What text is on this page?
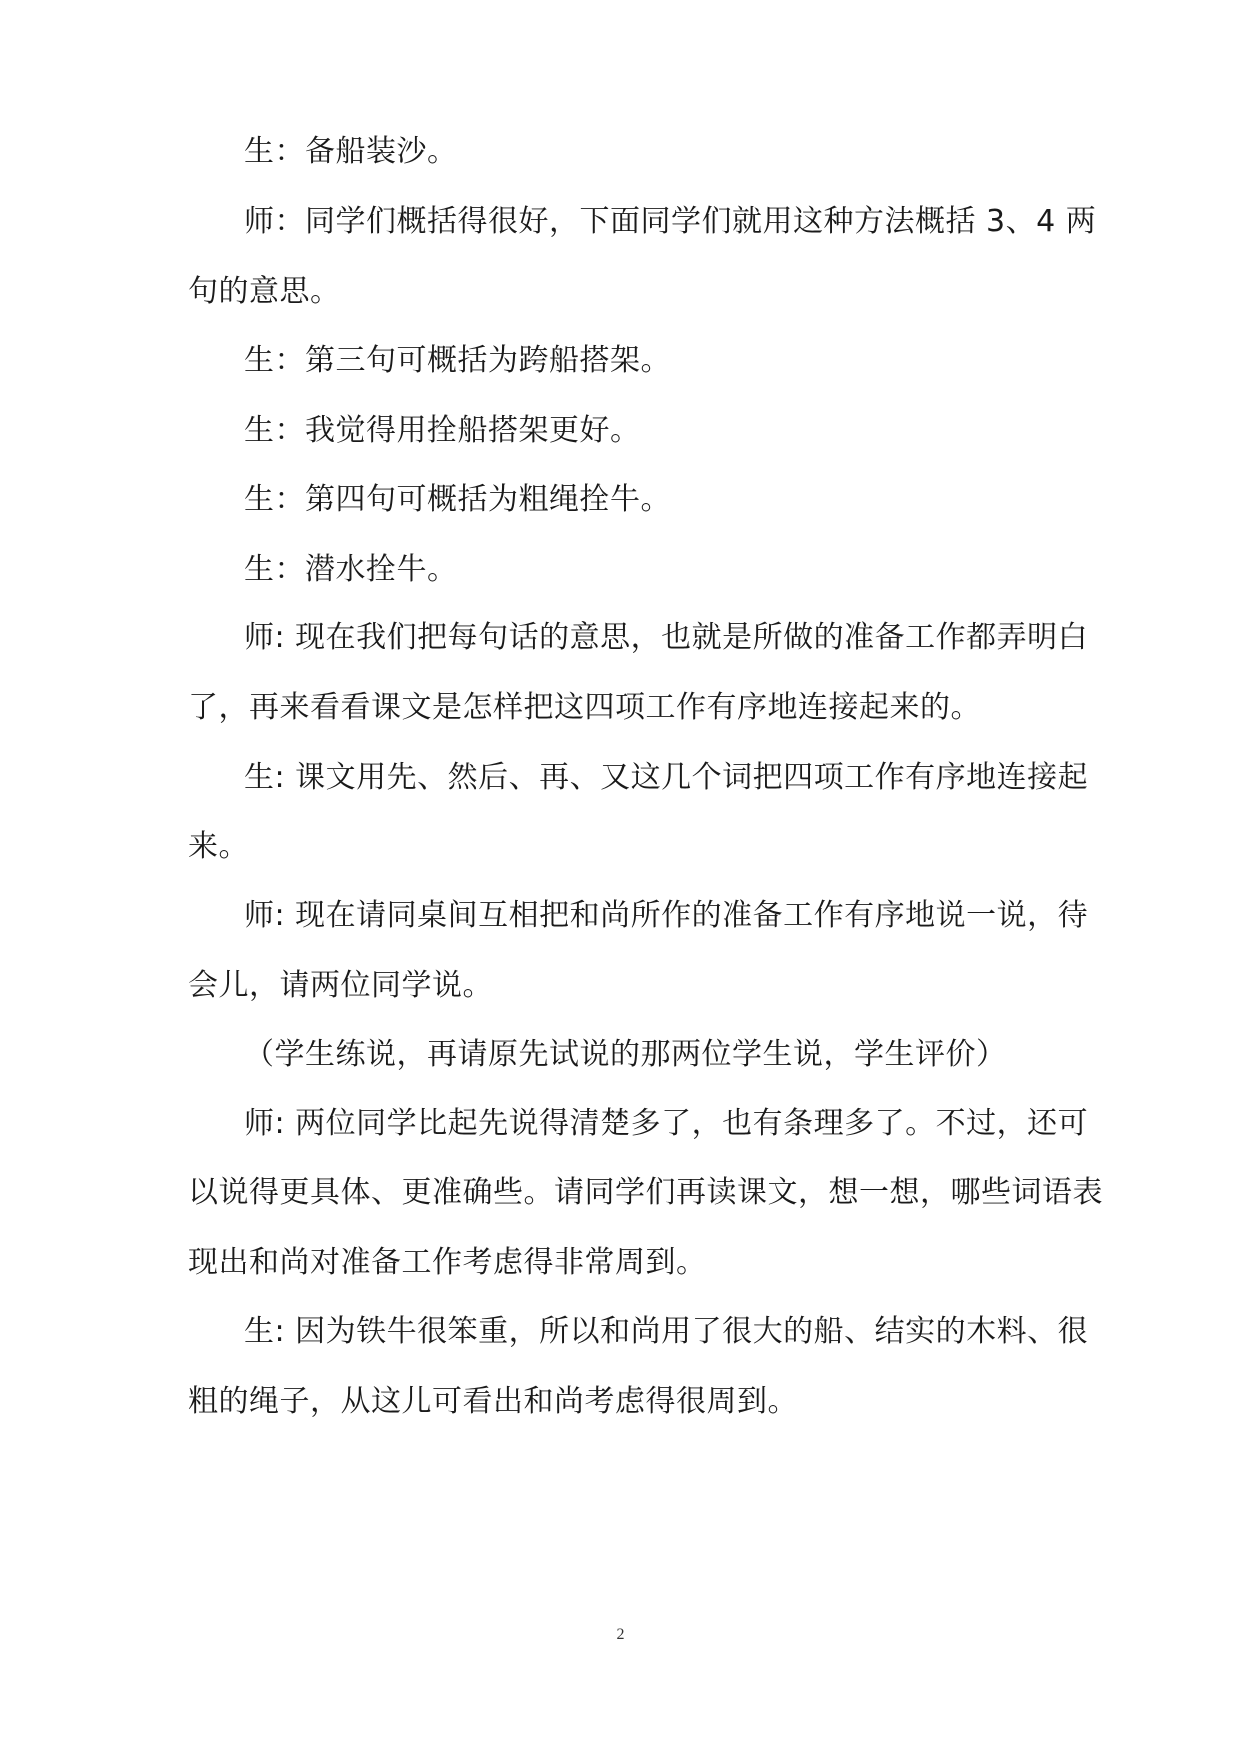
生：备船装沙。
师：同学们概括得很好，下面同学们就用这种方法概括 3、4 两
句的意思。
生：第三句可概括为跨船搭架。
生：我觉得用拴船搭架更好。
生：第四句可概括为粗绳拴牛。
生：潜水拴牛。
师: 现在我们把每句话的意思，也就是所做的准备工作都弄明白
了，再来看看课文是怎样把这四项工作有序地连接起来的。
生: 课文用先、然后、再、又这几个词把四项工作有序地连接起
来。
师: 现在请同桌间互相把和尚所作的准备工作有序地说一说，待
会儿，请两位同学说。
（学生练说，再请原先试说的那两位学生说，学生评价）
师: 两位同学比起先说得清楚多了，也有条理多了。不过，还可
以说得更具体、更准确些。请同学们再读课文，想一想，哪些词语表
现出和尚对准备工作考虑得非常周到。
生: 因为铁牛很笨重，所以和尚用了很大的船、结实的木料、很
粗的绳子，从这儿可看出和尚考虑得很周到。
2
